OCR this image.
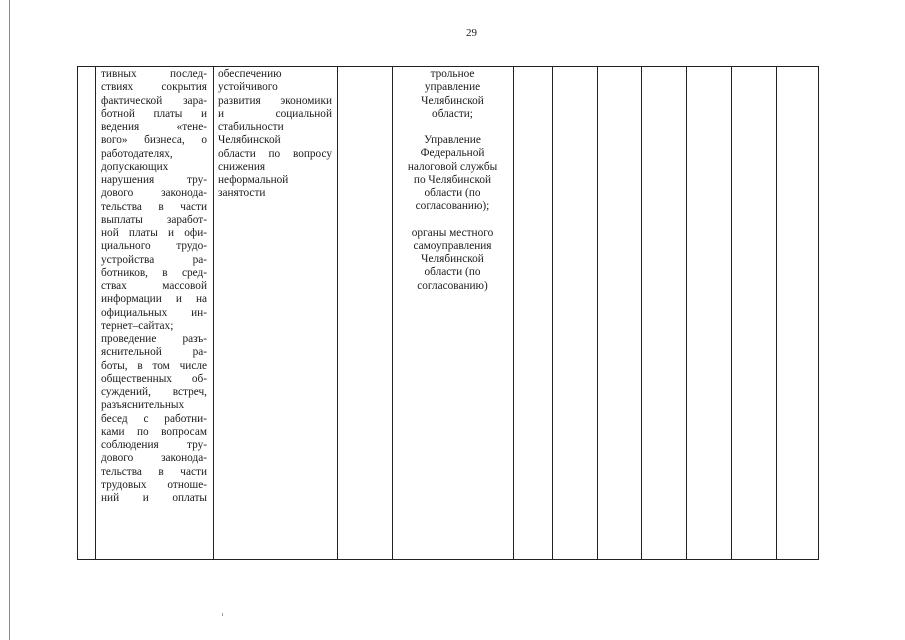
29
тивных послед-
ствиях сокрытия
фактической зара-
ботной платы и
ведения «тене-
вого» бизнеса, о
работодателях,
допускающих
нарушения тру-
дового законода-
тельства в части
выплаты заработ-
ной платы и офи-
циального трудо-
устройства ра-
ботников, в сред-
ствах массовой
информации и на
официальных ин-
тернет–сайтах;
проведение разъ-
яснительной ра-
боты, в том числе
общественных об-
суждений, встреч,
разъяснительных
бесед с работни-
ками по вопросам
соблюдения тру-
дового законода-
тельства в части
трудовых отноше-
ний и оплаты
обеспечению
устойчивого
развития экономики
и социальной
стабильности
Челябинской
области по вопросу
снижения
неформальной
занятости
трольное
управление
Челябинской
области;
Управление
Федеральной
налоговой службы
по Челябинской
области (по
согласованию);
органы местного
самоуправления
Челябинской
области (по
согласованию)
